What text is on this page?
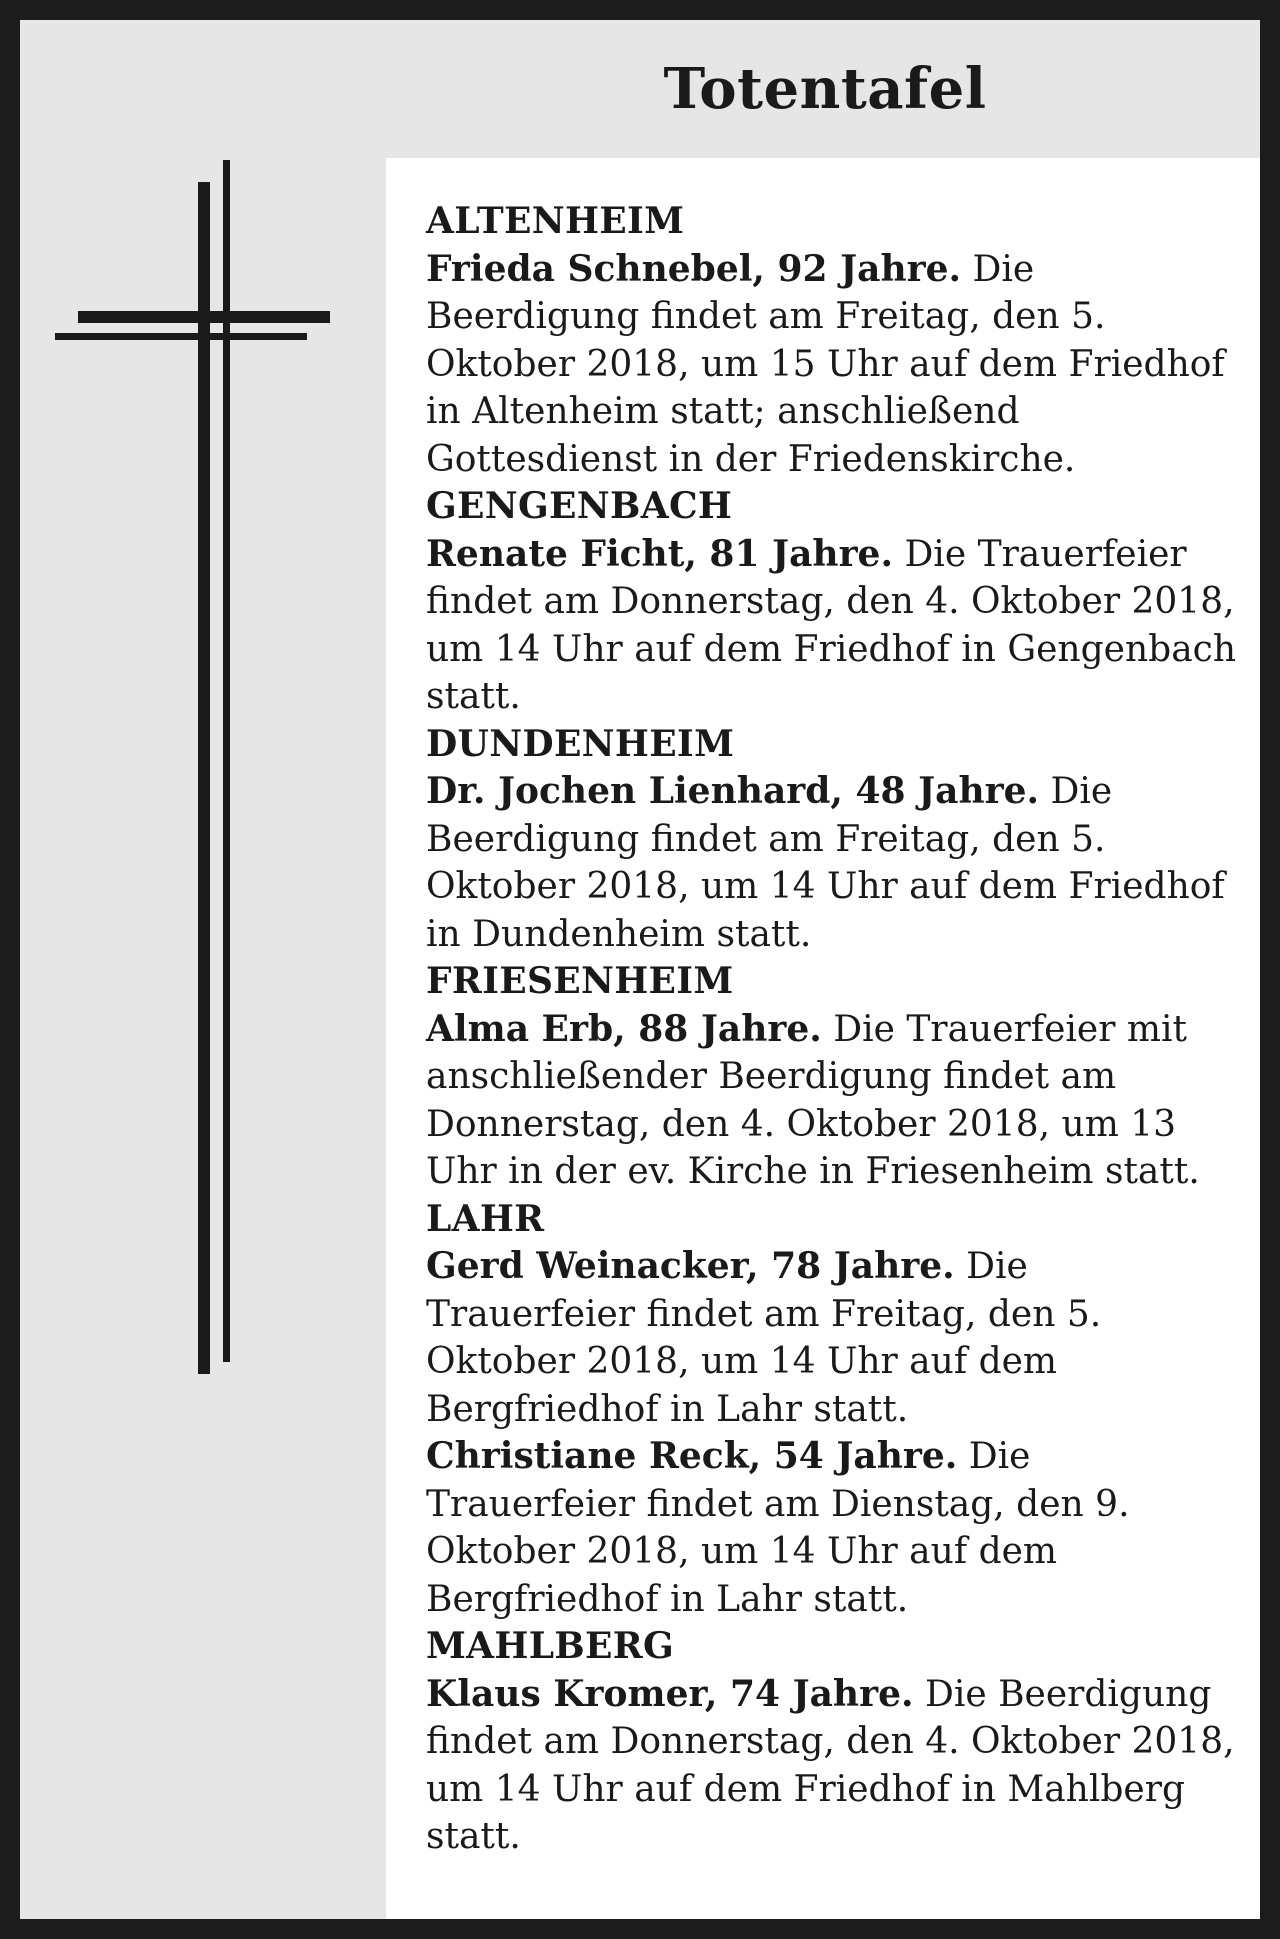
Totentafel
ALTENHEIM

Frieda Schnebel, 92 Jahre. Die Beerdigung findet am Freitag, den 5. Oktober 2018, um 15 Uhr auf dem Friedhof in Altenheim statt; anschließend Gottesdienst in der Friedenskirche.

GENGENBACH

Renate Ficht, 81 Jahre. Die Trauerfeier findet am Donnerstag, den 4. Oktober 2018, um 14 Uhr auf dem Friedhof in Gengenbach statt.

DUNDENHEIM

Dr. Jochen Lienhard, 48 Jahre. Die Beerdigung findet am Freitag, den 5. Oktober 2018, um 14 Uhr auf dem Friedhof in Dundenheim statt.

FRIESENHEIM

Alma Erb, 88 Jahre. Die Trauerfeier mit anschließender Beerdigung findet am Donnerstag, den 4. Oktober 2018, um 13 Uhr in der ev. Kirche in Friesenheim statt.

LAHR

Gerd Weinacker, 78 Jahre. Die Trauerfeier findet am Freitag, den 5. Oktober 2018, um 14 Uhr auf dem Bergfriedhof in Lahr statt.

Christiane Reck, 54 Jahre. Die Trauerfeier findet am Dienstag, den 9. Oktober 2018, um 14 Uhr auf dem Bergfriedhof in Lahr statt.

MAHLBERG

Klaus Kromer, 74 Jahre. Die Beerdigung findet am Donnerstag, den 4. Oktober 2018, um 14 Uhr auf dem Friedhof in Mahlberg statt.
